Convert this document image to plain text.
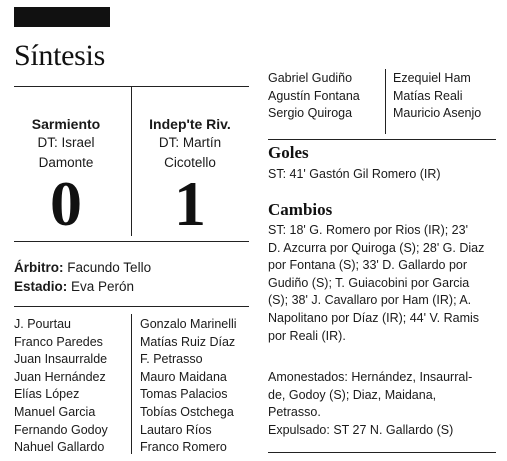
Síntesis
Sarmiento
DT: Israel
Damonte
0
Indep'te Riv.
DT: Martín
Cicotello
1
Árbitro: Facundo Tello
Estadio: Eva Perón
J. Pourtau
Franco Paredes
Juan Insaurralde
Juan Hernández
Elías López
Manuel Garcia
Fernando Godoy
Nahuel Gallardo
Gonzalo Marinelli
Matías Ruiz Díaz
F. Petrasso
Mauro Maidana
Tomas Palacios
Tobías Ostchega
Lautaro Ríos
Franco Romero
Gabriel Gudiño
Agustín Fontana
Sergio Quiroga
Ezequiel Ham
Matías Reali
Mauricio Asenjo
Goles
ST: 41' Gastón Gil Romero (IR)
Cambios
ST: 18' G. Romero por Rios (IR); 23'
D. Azcurra por Quiroga (S); 28' G. Diaz
por Fontana (S); 33' D. Gallardo por
Gudiño (S); T. Guiacobini por Garcia
(S); 38' J. Cavallaro por Ham (IR); A.
Napolitano por Díaz (IR); 44' V. Ramis
por Reali (IR).
Amonestados: Hernández, Insaurral-
de, Godoy (S); Diaz, Maidana,
Petrasso.
Expulsado: ST 27 N. Gallardo (S)
